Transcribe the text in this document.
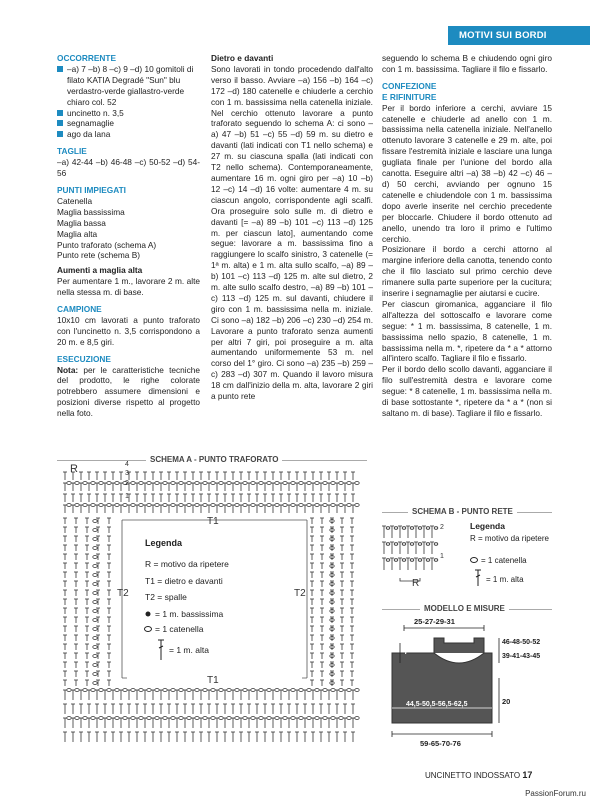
MOTIVI SUI BORDI
OCCORRENTE
–a) 7 –b) 8 –c) 9 –d) 10 gomitoli di filato KATIA Degradé "Sun" blu verdastro-verde giallastro-verde chiaro col. 52
uncinetto n. 3,5
segnamaglie
ago da lana
TAGLIE
–a) 42-44 –b) 46-48 –c) 50-52 –d) 54-56
PUNTI IMPIEGATI
Catenella
Maglia bassissima
Maglia bassa
Maglia alta
Punto traforato (schema A)
Punto rete (schema B)
Aumenti a maglia alta
Per aumentare 1 m., lavorare 2 m. alte nella stessa m. di base.
CAMPIONE
10x10 cm lavorati a punto traforato con l'uncinetto n. 3,5 corrispondono a 20 m. e 8,5 giri.
ESECUZIONE
Nota: per le caratteristiche tecniche del prodotto, le righe colorate potrebbero assumere dimensioni e posizioni diverse rispetto al progetto nella foto.
Dietro e davanti
Sono lavorati in tondo procedendo dall'alto verso il basso. Avviare –a) 156 –b) 164 –c) 172 –d) 180 catenelle e chiuderle a cerchio con 1 m. bassissima nella catenella iniziale. Nel cerchio ottenuto lavorare a punto traforato seguendo lo schema A: ci sono –a) 47 –b) 51 –c) 55 –d) 59 m. su dietro e davanti (lati indicati con T1 nello schema) e 27 m. su ciascuna spalla (lati indicati con T2 nello schema). Contemporaneamente, aumentare 16 m. ogni giro per –a) 10 –b) 12 –c) 14 –d) 16 volte: aumentare 4 m. su ciascun angolo, corrispondente agli scalfi. Ora proseguire solo sulle m. di dietro e davanti [= –a) 89 –b) 101 –c) 113 –d) 125 m. per ciascun lato], aumentando come segue: lavorare a m. bassissima fino a raggiungere lo scalfo sinistro, 3 catenelle (= 1ª m. alta) e 1 m. alta sullo scalfo, –a) 89 –b) 101 –c) 113 –d) 125 m. alte sul dietro, 2 m. alte sullo scalfo destro, –a) 89 –b) 101 –c) 113 –d) 125 m. sul davanti, chiudere il giro con 1 m. bassissima nella m. iniziale. Ci sono –a) 182 –b) 206 –c) 230 –d) 254 m. Lavorare a punto traforato senza aumenti per altri 7 giri, poi proseguire a m. alta aumentando uniformemente 53 m. nel corso del 1° giro. Ci sono –a) 235 –b) 259 –c) 283 –d) 307 m. Quando il lavoro misura 18 cm dall'inizio della m. alta, lavorare 2 giri a punto rete
seguendo lo schema B e chiudendo ogni giro con 1 m. bassissima. Tagliare il filo e fissarlo.
CONFEZIONE
E RIFINITURE
Per il bordo inferiore a cerchi, avviare 15 catenelle e chiuderle ad anello con 1 m. bassissima nella catenella iniziale. Nell'anello ottenuto lavorare 3 catenelle e 29 m. alte, poi fissare l'estremità iniziale e lasciare una lunga gugliata finale per l'unione del bordo alla canotta. Eseguire altri –a) 38 –b) 42 –c) 46 –d) 50 cerchi, avviando per ognuno 15 catenelle e chiudendole con 1 m. bassissima dopo averle inserite nel cerchio precedente per bloccarle. Chiudere il bordo ottenuto ad anello, unendo tra loro il primo e l'ultimo cerchio.
Posizionare il bordo a cerchi attorno al margine inferiore della canotta, tenendo conto che il filo lasciato sul primo cerchio deve rimanere sulla parte superiore per la cucitura; inserire i segnamaglie per aiutarsi e cucire.
Per ciascun giromanica, agganciare il filo all'altezza del sottoscalfo e lavorare come segue: * 1 m. bassissima, 8 catenelle, 1 m. bassissima nello spazio, 8 catenelle, 1 m. bassissima nella m. *, ripetere da * a * attorno all'intero scalfo. Tagliare il filo e fissarlo.
Per il bordo dello scollo davanti, agganciare il filo sull'estremità destra e lavorare come segue: * 8 catenelle, 1 m. bassissima nella m. di base sottostante *, ripetere da * a * (non si saltano m. di base). Tagliare il filo e fissarlo.
SCHEMA A - PUNTO TRAFORATO
R
T1
T1
T2	T2
4
3
2
1
Legenda
R = motivo da ripetere
T1 = dietro e davanti
T2 = spalle
= 1 m. bassissima
= 1 catenella
= 1 m. alta
SCHEMA B - PUNTO RETE
2
1
R
Legenda
R = motivo da ripetere
= 1 catenella
= 1 m. alta
MODELLO E MISURE
25-27-29-31
46-48-50-52
39-41-43-45
7
44,5-50,5-56,5-62,5	20
59-65-70-76
UNCINETTO INDOSSATO 17
PassionForum.ru
